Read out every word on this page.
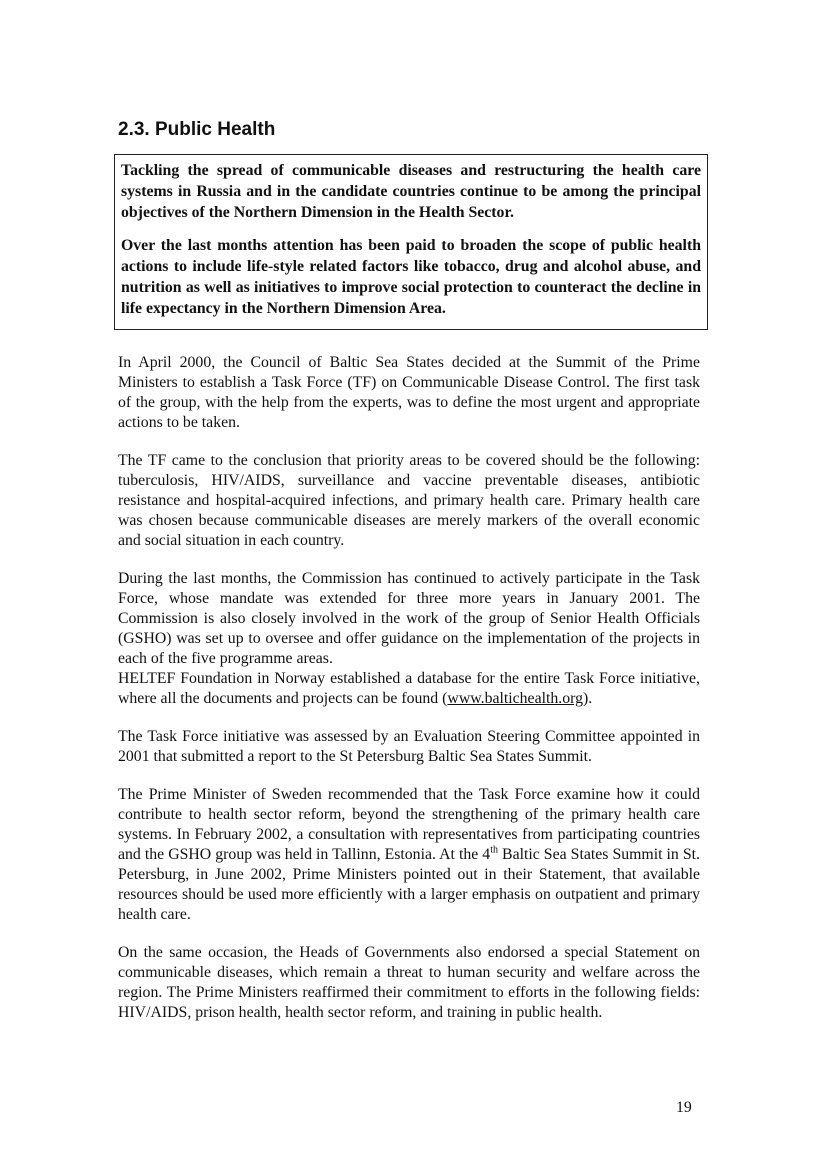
2.3. Public Health

Tackling the spread of communicable diseases and restructuring the health care systems in Russia and in the candidate countries continue to be among the principal objectives of the Northern Dimension in the Health Sector.

Over the last months attention has been paid to broaden the scope of public health actions to include life-style related factors like tobacco, drug and alcohol abuse, and nutrition as well as initiatives to improve social protection to counteract the decline in life expectancy in the Northern Dimension Area.

In April 2000, the Council of Baltic Sea States decided at the Summit of the Prime Ministers to establish a Task Force (TF) on Communicable Disease Control. The first task of the group, with the help from the experts, was to define the most urgent and appropriate actions to be taken.

The TF came to the conclusion that priority areas to be covered should be the following: tuberculosis, HIV/AIDS, surveillance and vaccine preventable diseases, antibiotic resistance and hospital-acquired infections, and primary health care. Primary health care was chosen because communicable diseases are merely markers of the overall economic and social situation in each country.

During the last months, the Commission has continued to actively participate in the Task Force, whose mandate was extended for three more years in January 2001. The Commission is also closely involved in the work of the group of Senior Health Officials (GSHO) was set up to oversee and offer guidance on the implementation of the projects in each of the five programme areas.

HELTEF Foundation in Norway established a database for the entire Task Force initiative, where all the documents and projects can be found (www.baltichealth.org).

The Task Force initiative was assessed by an Evaluation Steering Committee appointed in 2001 that submitted a report to the St Petersburg Baltic Sea States Summit.

The Prime Minister of Sweden recommended that the Task Force examine how it could contribute to health sector reform, beyond the strengthening of the primary health care systems. In February 2002, a consultation with representatives from participating countries and the GSHO group was held in Tallinn, Estonia. At the 4th Baltic Sea States Summit in St. Petersburg, in June 2002, Prime Ministers pointed out in their Statement, that available resources should be used more efficiently with a larger emphasis on outpatient and primary health care.

On the same occasion, the Heads of Governments also endorsed a special Statement on communicable diseases, which remain a threat to human security and welfare across the region. The Prime Ministers reaffirmed their commitment to efforts in the following fields: HIV/AIDS, prison health, health sector reform, and training in public health.

19
